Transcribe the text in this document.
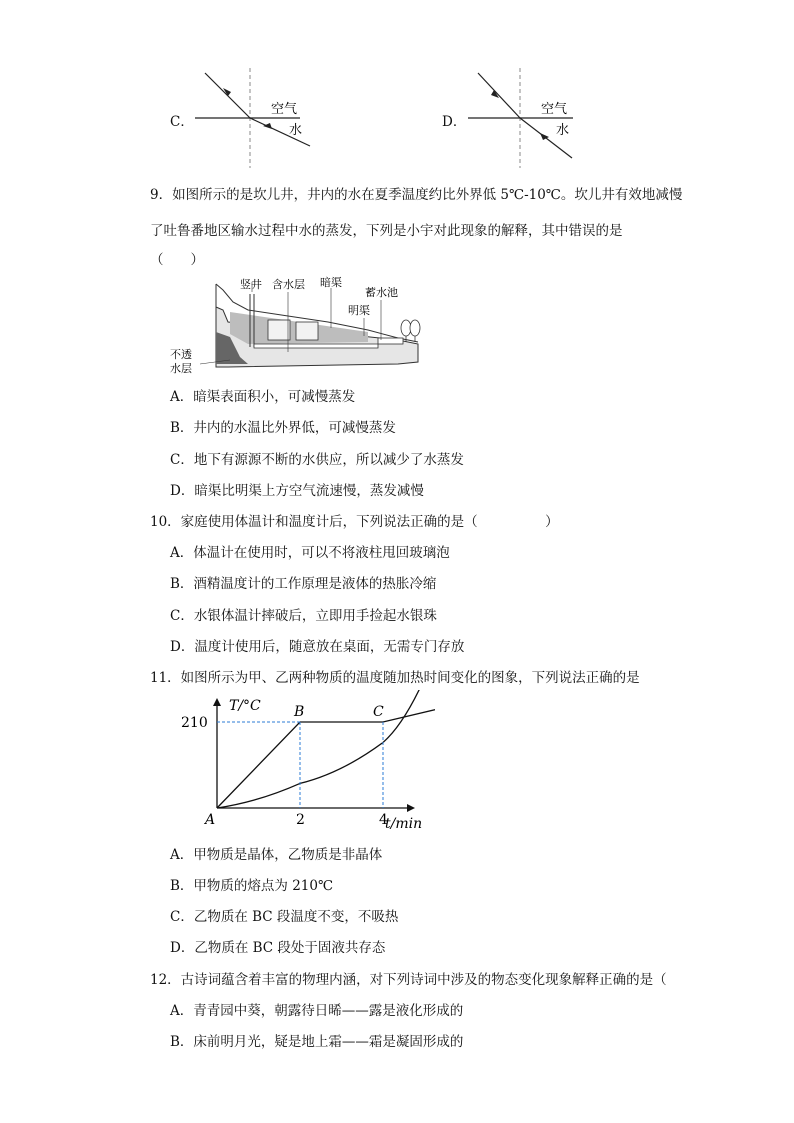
C．
空气
水
D．
空气
水
9．如图所示的是坎儿井，井内的水在夏季温度约比外界低 5℃-10℃。坎儿井有效地减慢
了吐鲁番地区输水过程中水的蒸发，下列是小宇对此现象的解释，其中错误的是
（　　）
竖井 含水层 暗渠
蓄水池
明渠
不透
水层
A．暗渠表面积小，可减慢蒸发
B．井内的水温比外界低，可减慢蒸发
C．地下有源源不断的水供应，所以减少了水蒸发
D．暗渠比明渠上方空气流速慢，蒸发减慢
10．家庭使用体温计和温度计后，下列说法正确的是（　　　　　）
A．体温计在使用时，可以不将液柱甩回玻璃泡
B．酒精温度计的工作原理是液体的热胀冷缩
C．水银体温计摔破后，立即用手捡起水银珠
D．温度计使用后，随意放在桌面，无需专门存放
11．如图所示为甲、乙两种物质的温度随加热时间变化的图象，下列说法正确的是
T/°C
t/min
210
2	4
A
B	C
A．甲物质是晶体，乙物质是非晶体
B．甲物质的熔点为 210℃
C．乙物质在 BC 段温度不变，不吸热
D．乙物质在 BC 段处于固液共存态
12．古诗词蕴含着丰富的物理内涵，对下列诗词中涉及的物态变化现象解释正确的是（
A．青青园中葵，朝露待日晞——露是液化形成的
B．床前明月光，疑是地上霜——霜是凝固形成的
